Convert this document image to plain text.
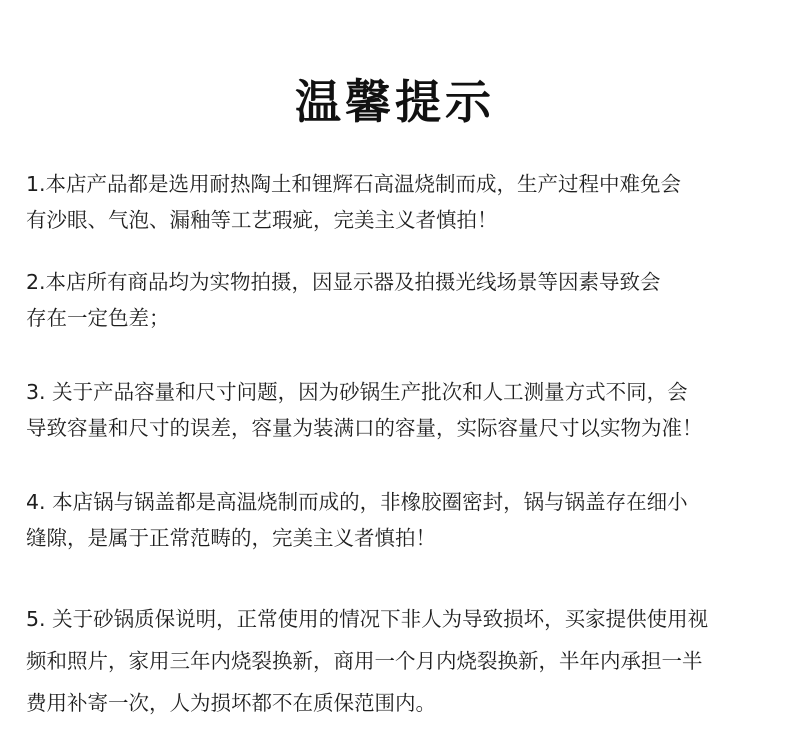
温馨提示
1.本店产品都是选用耐热陶土和锂辉石高温烧制而成，生产过程中难免会
有沙眼、气泡、漏釉等工艺瑕疵，完美主义者慎拍！
2.本店所有商品均为实物拍摄，因显示器及拍摄光线场景等因素导致会
存在一定色差；
3. 关于产品容量和尺寸问题，因为砂锅生产批次和人工测量方式不同，会
导致容量和尺寸的误差，容量为装满口的容量，实际容量尺寸以实物为准！
4. 本店锅与锅盖都是高温烧制而成的，非橡胶圈密封，锅与锅盖存在细小
缝隙，是属于正常范畴的，完美主义者慎拍！
5. 关于砂锅质保说明，正常使用的情况下非人为导致损坏，买家提供使用视
频和照片，家用三年内烧裂换新，商用一个月内烧裂换新，半年内承担一半
费用补寄一次，人为损坏都不在质保范围内。
